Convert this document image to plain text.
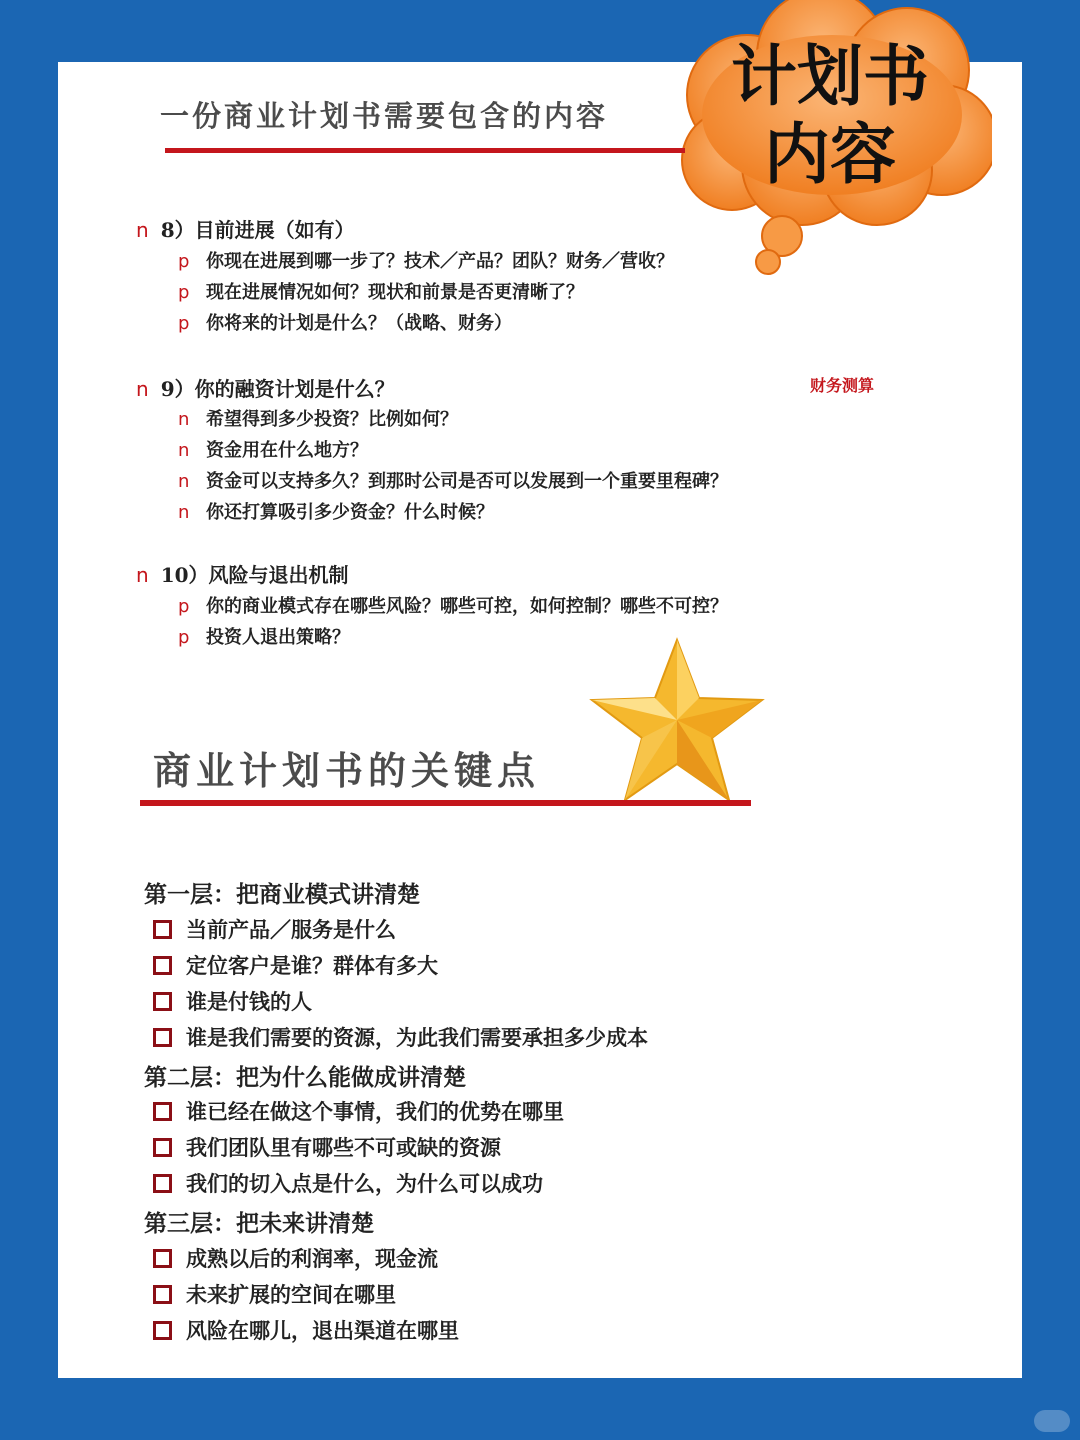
计划书
内容
一份商业计划书需要包含的内容
n 8）目前进展（如有）
p 你现在进展到哪一步了？技术／产品？团队？财务／营收？
p 现在进展情况如何？现状和前景是否更清晰了？
p 你将来的计划是什么？（战略、财务）
n 9）你的融资计划是什么？	财务测算
n 希望得到多少投资？比例如何？
n 资金用在什么地方？
n 资金可以支持多久？到那时公司是否可以发展到一个重要里程碑？
n 你还打算吸引多少资金？什么时候？
n 10）风险与退出机制
p 你的商业模式存在哪些风险？哪些可控，如何控制？哪些不可控？
p 投资人退出策略？
商业计划书的关键点
第一层：把商业模式讲清楚
当前产品／服务是什么
定位客户是谁？群体有多大
谁是付钱的人
谁是我们需要的资源，为此我们需要承担多少成本
第二层：把为什么能做成讲清楚
谁已经在做这个事情，我们的优势在哪里
我们团队里有哪些不可或缺的资源
我们的切入点是什么，为什么可以成功
第三层：把未来讲清楚
成熟以后的利润率，现金流
未来扩展的空间在哪里
风险在哪儿，退出渠道在哪里
